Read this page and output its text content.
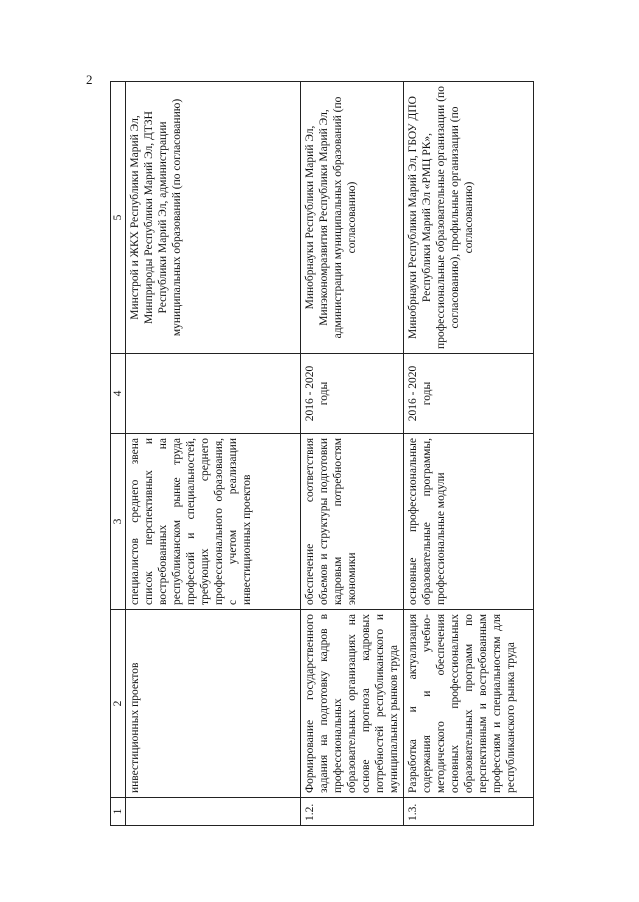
2
1	2	3	4	5
	инвестиционных проектов	специалистов среднего звена список перспективных и востребованных на республиканском рынке труда профессий и специальностей, требующих среднего профессионального образования, с учетом реализации инвестиционных проектов		Минстрой и ЖКХ Республики Марий Эл, Минприроды Республики Марий Эл, ДТЗН Республики Марий Эл, администрации муниципальных образований (по согласованию)
1.2.	Формирование государственного задания на подготовку кадров в профессиональных образовательных организациях на основе прогноза кадровых потребностей республиканского и муниципальных рынков труда	обеспечение соответствия объемов и структуры подготовки кадровым потребностям экономики	2016 - 2020 годы	Минобрнауки Республики Марий Эл, Минэкономразвития Республики Марий Эл, администрации муниципальных образований (по согласованию)
1.3.	Разработка и актуализация содержания и учебно-методического обеспечения основных профессиональных образовательных программ по перспективным и востребованным профессиям и специальностям для республиканского рынка труда	основные профессиональные образовательные программы, профессиональные модули	2016 - 2020 годы	Минобрнауки Республики Марий Эл, ГБОУ ДПО Республики Марий Эл «РМЦ РК», профессиональные образовательные организации (по согласованию), профильные организации (по согласованию)
